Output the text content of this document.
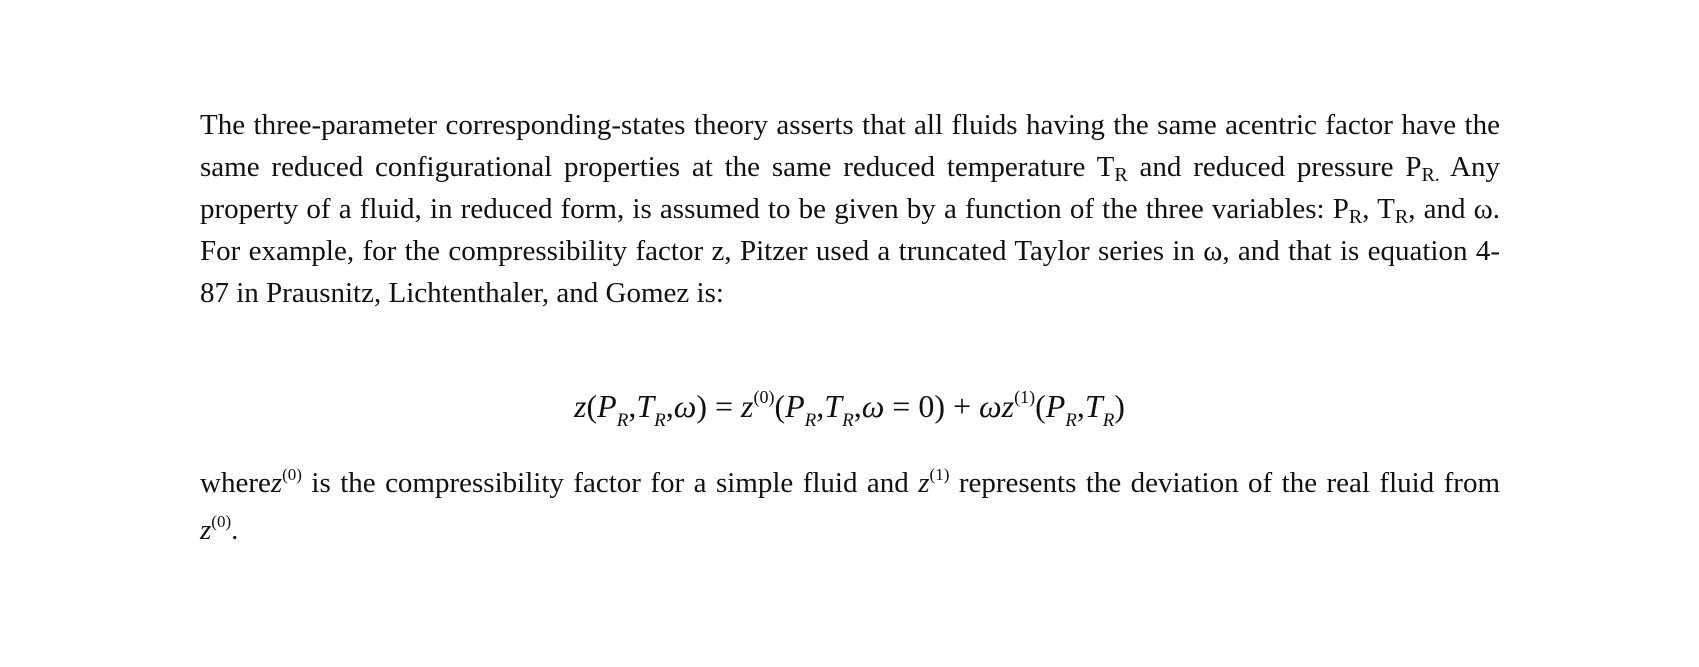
The three-parameter corresponding-states theory asserts that all fluids having the same acentric factor have the same reduced configurational properties at the same reduced temperature $T_R$ and reduced pressure $P_{R.}$ Any property of a fluid, in reduced form, is assumed to be given by a function of the three variables: $P_R$, $T_R$, and ω. For example, for the compressibility factor z, Pitzer used a truncated Taylor series in ω, and that is equation 4-87 in Prausnitz, Lichtenthaler, and Gomez is:

$z(P_R,T_R,\omega) = z^{(0)}(P_R,T_R,\omega = 0) + \omega z^{(1)}(P_R,T_R)$

wherez$^{(0)}$ is the compressibility factor for a simple fluid and $z^{(1)}$ represents the deviation of the real fluid from $z^{(0)}$.
